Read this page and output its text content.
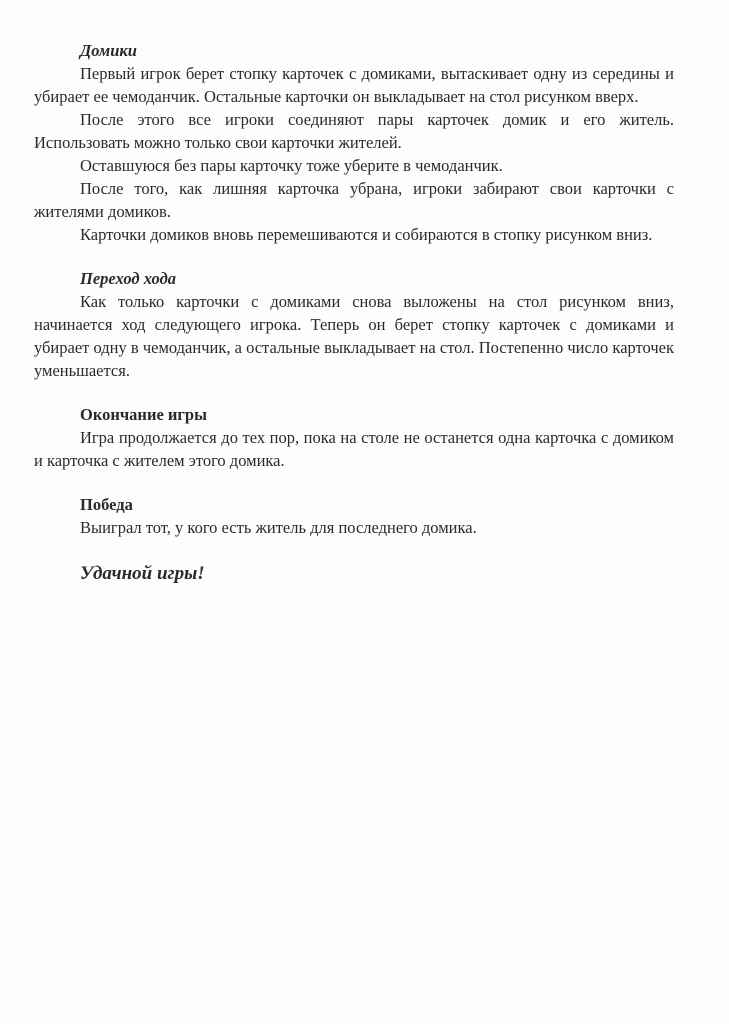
Домики

Первый игрок берет стопку карточек с домиками, вытаскивает одну из середины и убирает ее чемоданчик. Остальные карточки он выкладывает на стол рисунком вверх.

После этого все игроки соединяют пары карточек домик и его житель. Использовать можно только свои карточки жителей.

Оставшуюся без пары карточку тоже уберите в чемоданчик.

После того, как лишняя карточка убрана, игроки забирают свои карточки с жителями домиков.

Карточки домиков вновь перемешиваются и собираются в стопку рисунком вниз.

Переход хода

Как только карточки с домиками снова выложены на стол рисунком вниз, начинается ход следующего игрока. Теперь он берет стопку карточек с домиками и убирает одну в чемоданчик, а остальные выкладывает на стол. Постепенно число карточек уменьшается.

Окончание игры

Игра продолжается до тех пор, пока на столе не останется одна карточка с домиком и карточка с жителем этого домика.

Победа

Выиграл тот, у кого есть житель для последнего домика.

Удачной игры!
